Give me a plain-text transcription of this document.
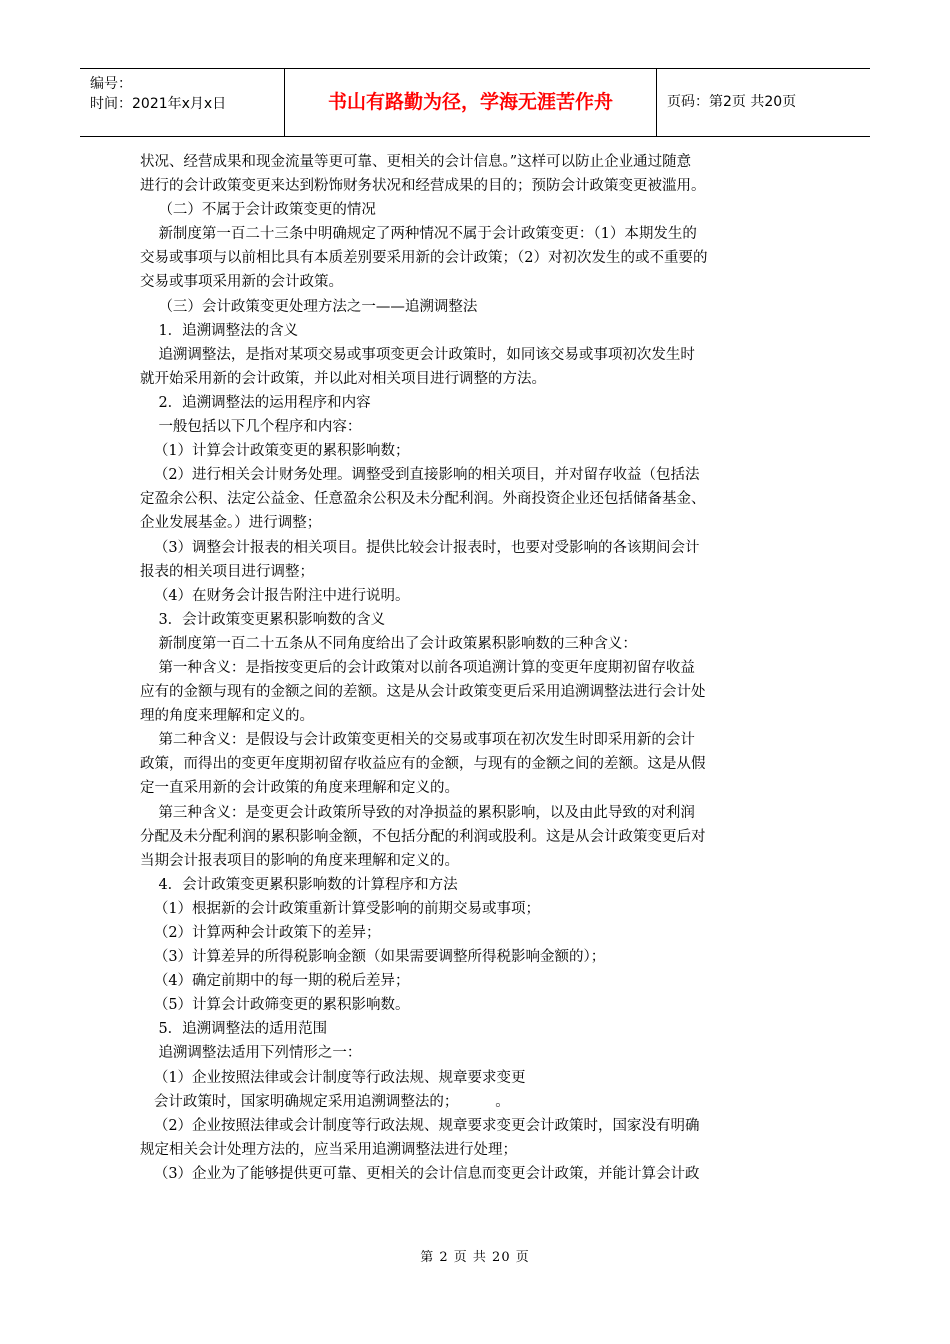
编号：
时间：2021年x月x日	书山有路勤为径，学海无涯苦作舟	页码：第2页 共20页

状况、经营成果和现金流量等更可靠、更相关的会计信息。”这样可以防止企业通过随意

进行的会计政策变更来达到粉饰财务状况和经营成果的目的；预防会计政策变更被滥用。

（二）不属于会计政策变更的情况

新制度第一百二十三条中明确规定了两种情况不属于会计政策变更：（1）本期发生的

交易或事项与以前相比具有本质差别要采用新的会计政策；（2）对初次发生的或不重要的

交易或事项采用新的会计政策。

（三）会计政策变更处理方法之一——追溯调整法

1．追溯调整法的含义

追溯调整法，是指对某项交易或事项变更会计政策时，如同该交易或事项初次发生时

就开始采用新的会计政策，并以此对相关项目进行调整的方法。

2．追溯调整法的运用程序和内容

一般包括以下几个程序和内容：

（1）计算会计政策变更的累积影响数；

（2）进行相关会计财务处理。调整受到直接影响的相关项目，并对留存收益（包括法

定盈余公积、法定公益金、任意盈余公积及未分配利润。外商投资企业还包括储备基金、

企业发展基金。）进行调整；

（3）调整会计报表的相关项目。提供比较会计报表时，也要对受影响的各该期间会计

报表的相关项目进行调整；

（4）在财务会计报告附注中进行说明。

3．会计政策变更累积影响数的含义

新制度第一百二十五条从不同角度给出了会计政策累积影响数的三种含义：

第一种含义：是指按变更后的会计政策对以前各项追溯计算的变更年度期初留存收益

应有的金额与现有的金额之间的差额。这是从会计政策变更后采用追溯调整法进行会计处

理的角度来理解和定义的。

第二种含义：是假设与会计政策变更相关的交易或事项在初次发生时即采用新的会计

政策，而得出的变更年度期初留存收益应有的金额，与现有的金额之间的差额。这是从假

定一直采用新的会计政策的角度来理解和定义的。

第三种含义：是变更会计政策所导致的对净损益的累积影响，以及由此导致的对利润

分配及未分配利润的累积影响金额，不包括分配的利润或股利。这是从会计政策变更后对

当期会计报表项目的影响的角度来理解和定义的。

4．会计政策变更累积影响数的计算程序和方法

（1）根据新的会计政策重新计算受影响的前期交易或事项；

（2）计算两种会计政策下的差异；

（3）计算差异的所得税影响金额（如果需要调整所得税影响金额的）；

（4）确定前期中的每一期的税后差异；

（5）计算会计政筛变更的累积影响数。

5．追溯调整法的适用范围

追溯调整法适用下列情形之一：

（1）企业按照法律或会计制度等行政法规、规章要求变更

会计政策时，国家明确规定采用追溯调整法的；        。

（2）企业按照法律或会计制度等行政法规、规章要求变更会计政策时，国家没有明确

规定相关会计处理方法的，应当采用追溯调整法进行处理；

（3）企业为了能够提供更可靠、更相关的会计信息而变更会计政策，并能计算会计政

第 2 页 共 20 页
